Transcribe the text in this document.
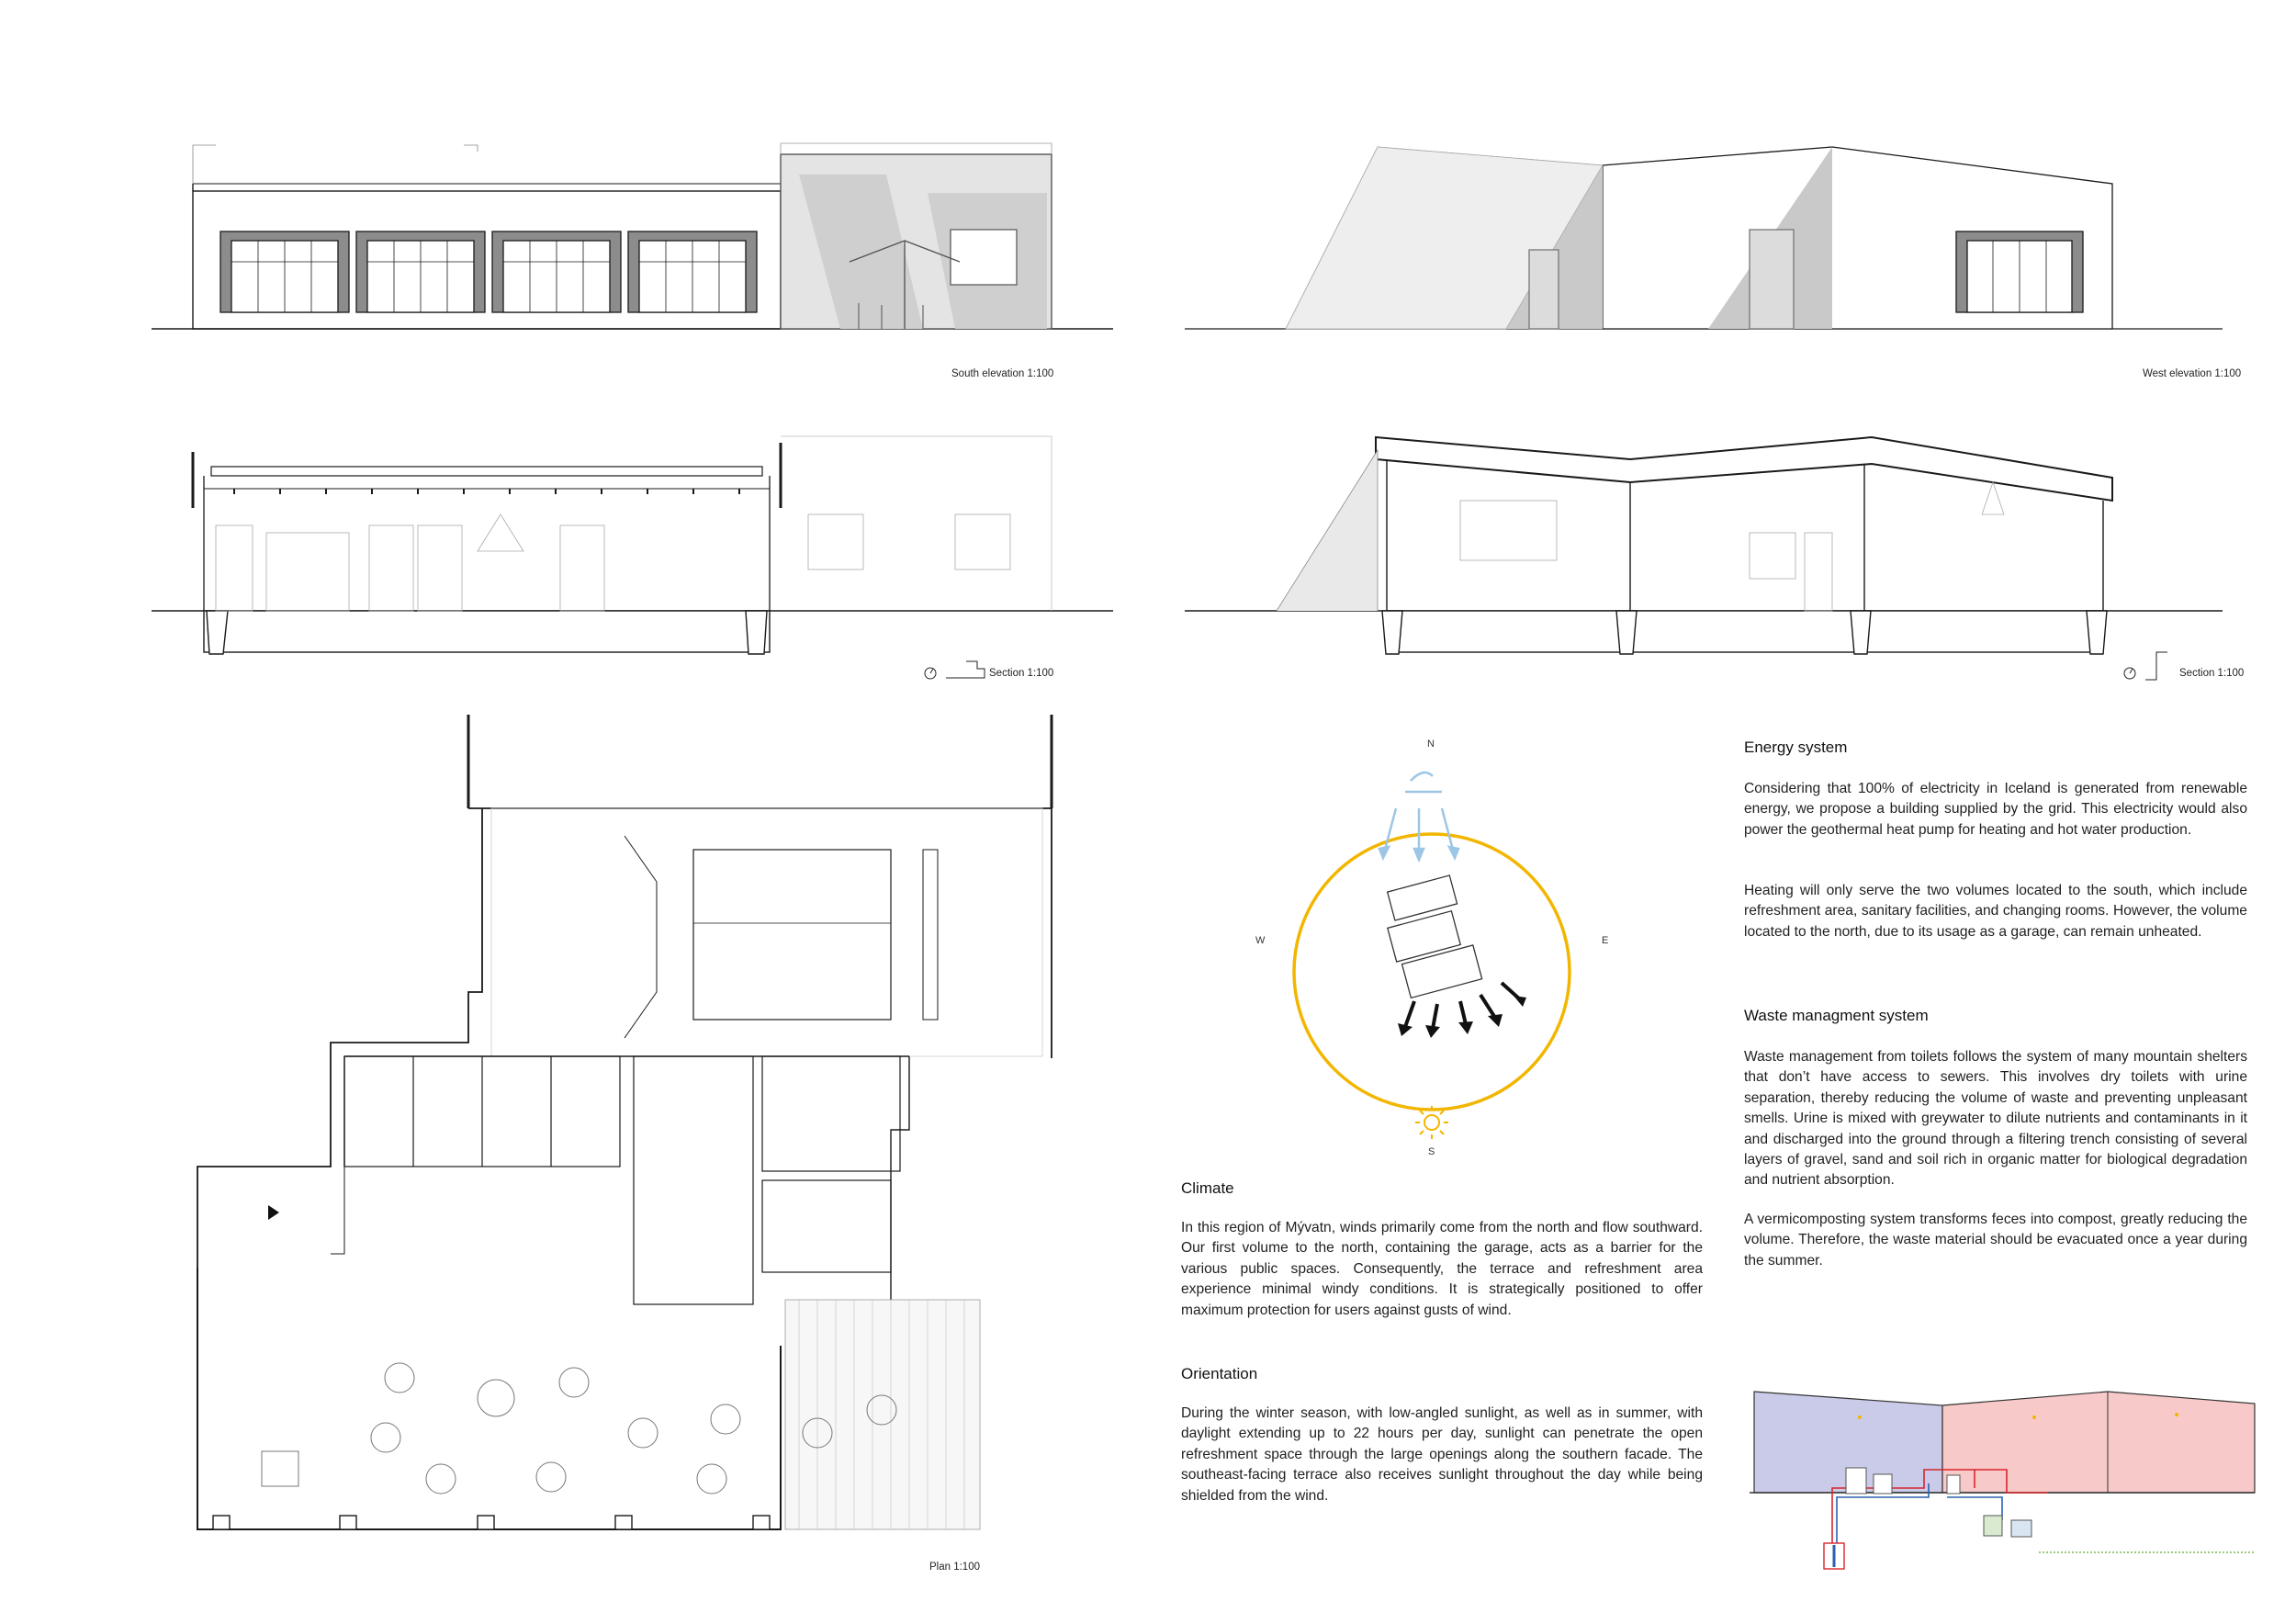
South elevation 1:100	West elevation 1:100
Section 1:100	Section 1:100
Plan 1:100
N
S
W	E
Climate

In this region of Mývatn, winds primarily come from the north and flow southward. Our first volume to the north, containing the garage, acts as a barrier for the various public spaces. Consequently, the terrace and refreshment area experience minimal windy conditions. It is strategically positioned to offer maximum protection for users against gusts of wind.

Orientation

During the winter season, with low-angled sunlight, as well as in summer, with daylight extending up to 22 hours per day, sunlight can penetrate the open refreshment space through the large openings along the southern facade. The southeast-facing terrace also receives sunlight throughout the day while being shielded from the wind.

Energy system

Considering that 100% of electricity in Iceland is generated from renewable energy, we propose a building supplied by the grid. This electricity would also power the geothermal heat pump for heating and hot water production.

Heating will only serve the two volumes located to the south, which include refreshment area, sanitary facilities, and changing rooms. However, the volume located to the north, due to its usage as a garage, can remain unheated.

Waste managment system

Waste management from toilets follows the system of many mountain shelters that don’t have access to sewers. This involves dry toilets with urine separation, thereby reducing the volume of waste and preventing unpleasant smells. Urine is mixed with greywater to dilute nutrients and contaminants in it and discharged into the ground through a filtering trench consisting of several layers of gravel, sand and soil rich in organic matter for biological degradation and nutrient absorption.

A vermicomposting system transforms feces into compost, greatly reducing the volume. Therefore, the waste material should be evacuated once a year during the summer.
